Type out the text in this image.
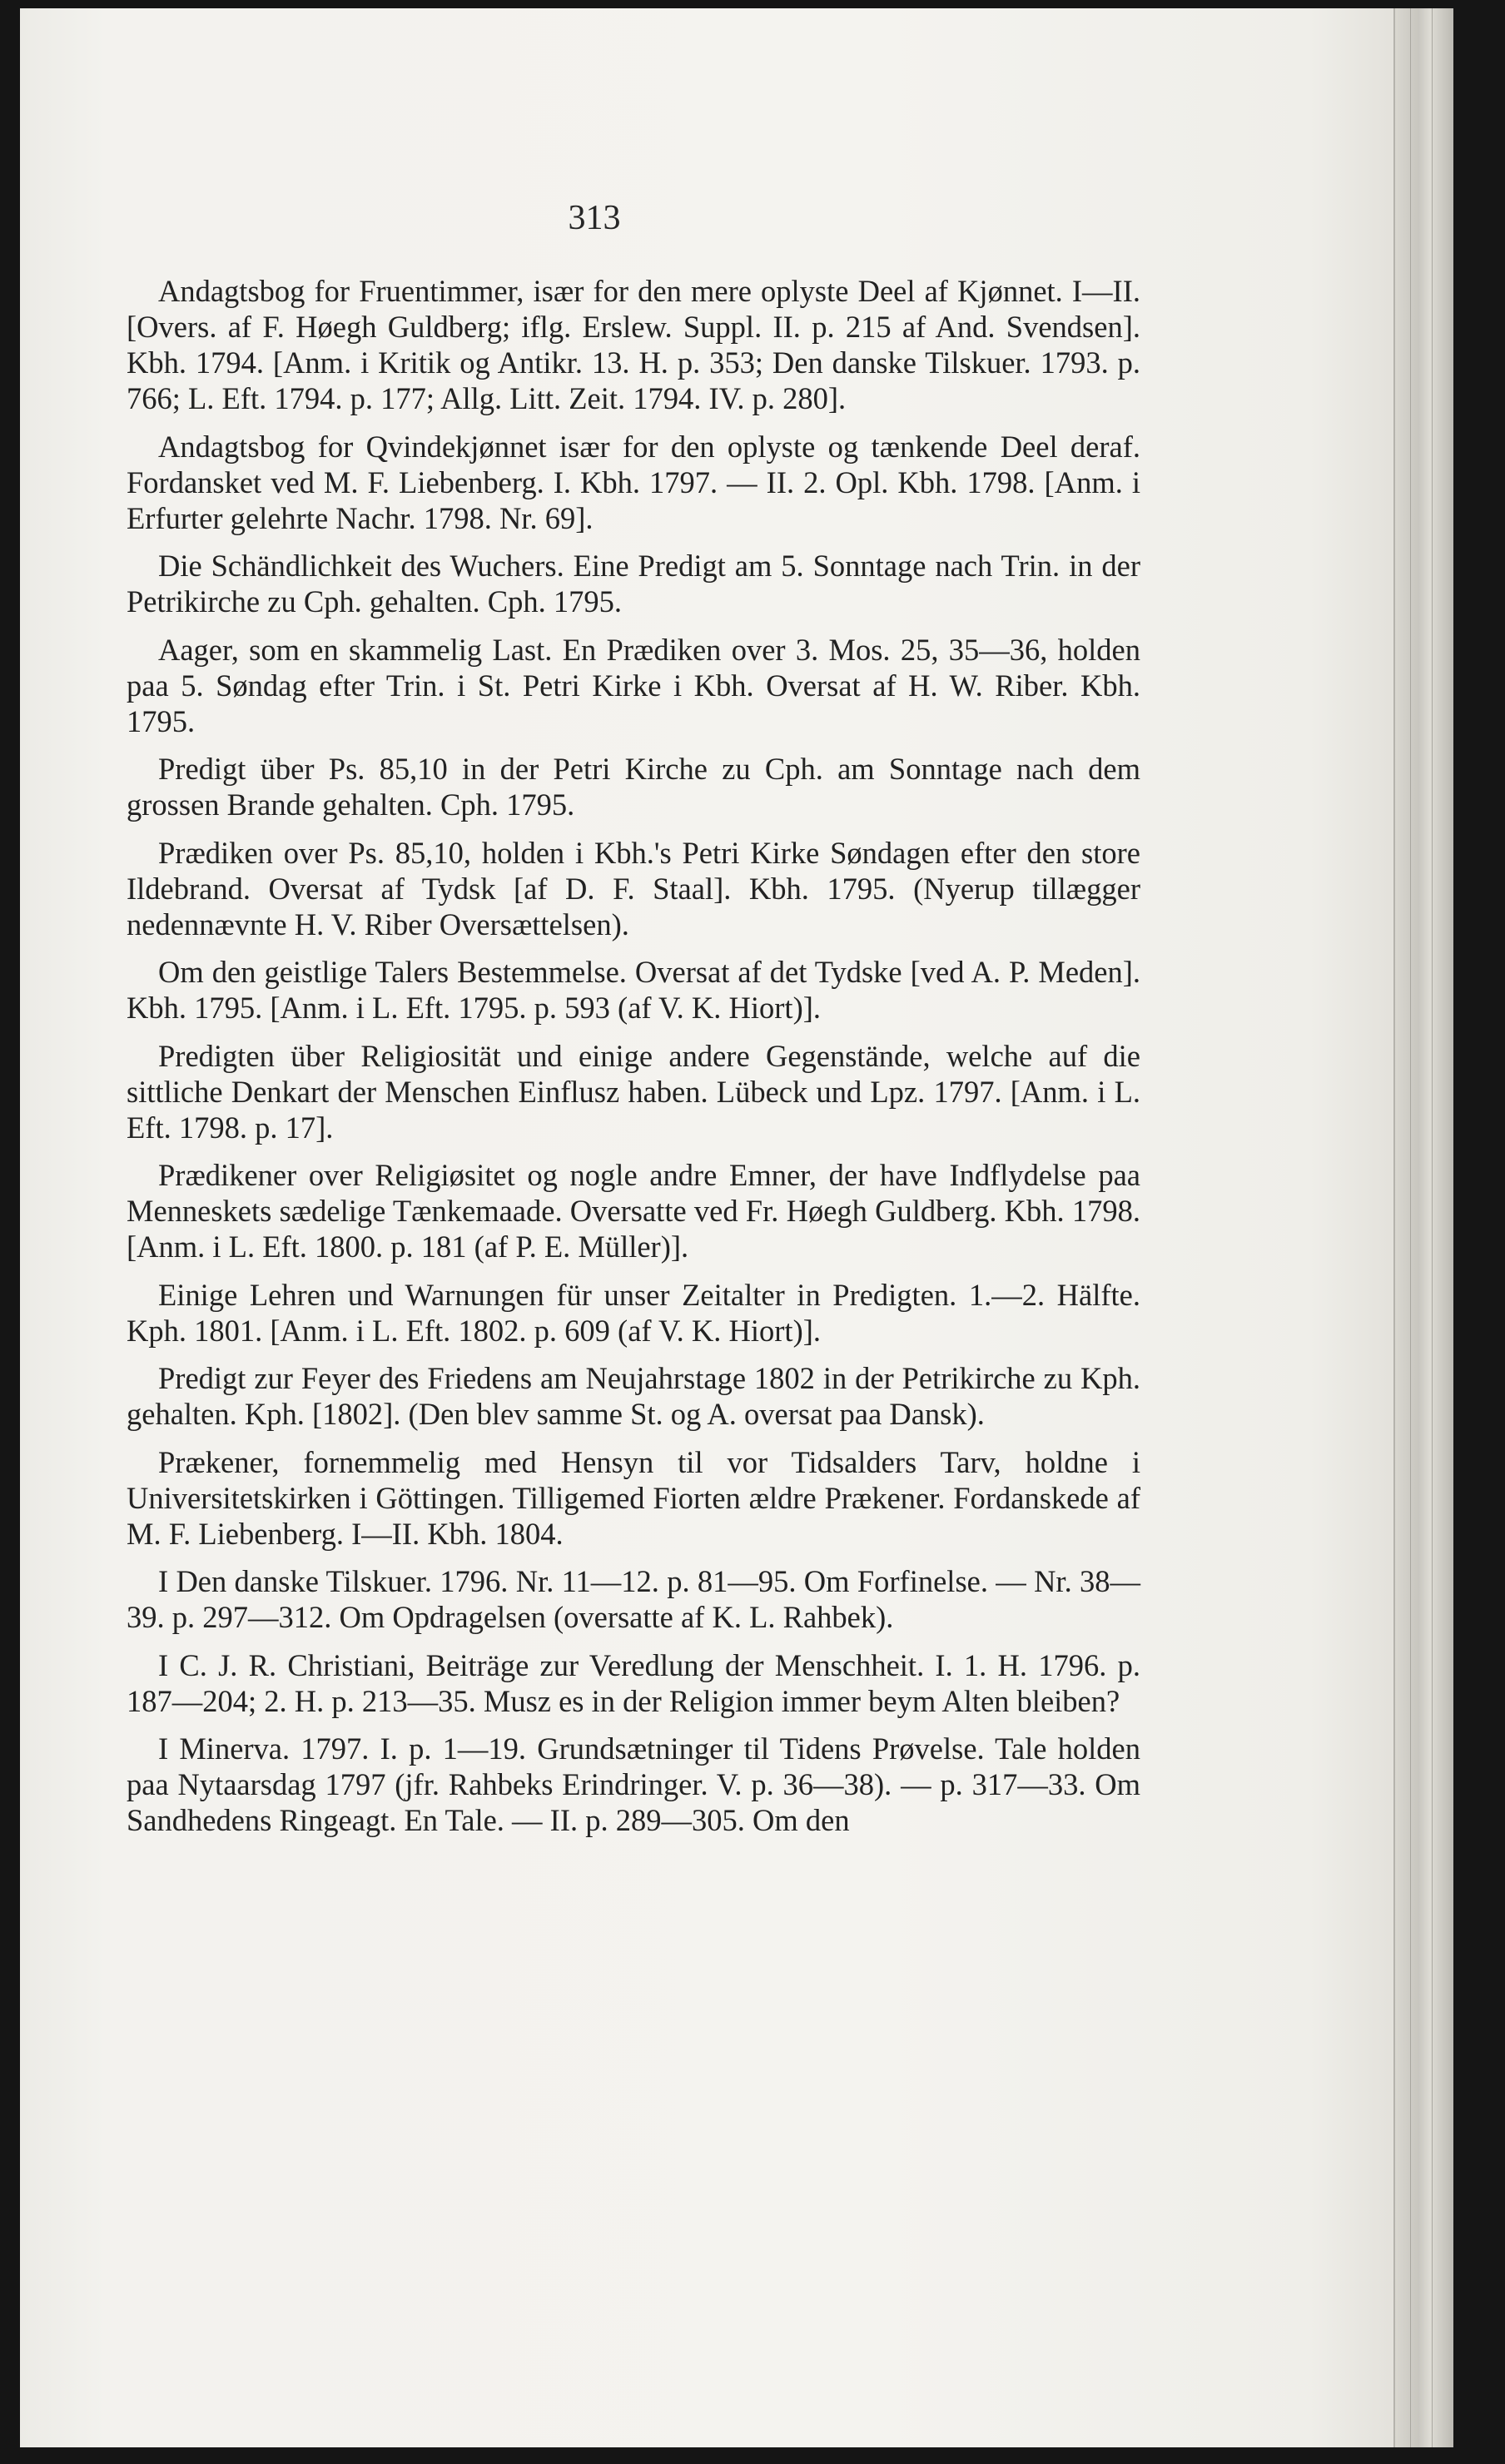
313

Andagtsbog for Fruentimmer, især for den mere oplyste Deel af Kjønnet. I—II. [Overs. af F. Høegh Guldberg; iflg. Erslew. Suppl. II. p. 215 af And. Svendsen]. Kbh. 1794. [Anm. i Kritik og Antikr. 13. H. p. 353; Den danske Tilskuer. 1793. p. 766; L. Eft. 1794. p. 177; Allg. Litt. Zeit. 1794. IV. p. 280].

Andagtsbog for Qvindekjønnet især for den oplyste og tænkende Deel deraf. Fordansket ved M. F. Liebenberg. I. Kbh. 1797. — II. 2. Opl. Kbh. 1798. [Anm. i Erfurter gelehrte Nachr. 1798. Nr. 69].

Die Schändlichkeit des Wuchers. Eine Predigt am 5. Sonntage nach Trin. in der Petrikirche zu Cph. gehalten. Cph. 1795.

Aager, som en skammelig Last. En Prædiken over 3. Mos. 25, 35—36, holden paa 5. Søndag efter Trin. i St. Petri Kirke i Kbh. Oversat af H. W. Riber. Kbh. 1795.

Predigt über Ps. 85,10 in der Petri Kirche zu Cph. am Sonntage nach dem grossen Brande gehalten. Cph. 1795.

Prædiken over Ps. 85,10, holden i Kbh.'s Petri Kirke Søndagen efter den store Ildebrand. Oversat af Tydsk [af D. F. Staal]. Kbh. 1795. (Nyerup tillægger nedennævnte H. V. Riber Oversættelsen).

Om den geistlige Talers Bestemmelse. Oversat af det Tydske [ved A. P. Meden]. Kbh. 1795. [Anm. i L. Eft. 1795. p. 593 (af V. K. Hiort)].

Predigten über Religiosität und einige andere Gegenstände, welche auf die sittliche Denkart der Menschen Einflusz haben. Lübeck und Lpz. 1797. [Anm. i L. Eft. 1798. p. 17].

Prædikener over Religiøsitet og nogle andre Emner, der have Indflydelse paa Menneskets sædelige Tænkemaade. Oversatte ved Fr. Høegh Guldberg. Kbh. 1798. [Anm. i L. Eft. 1800. p. 181 (af P. E. Müller)].

Einige Lehren und Warnungen für unser Zeitalter in Predigten. 1.—2. Hälfte. Kph. 1801. [Anm. i L. Eft. 1802. p. 609 (af V. K. Hiort)].

Predigt zur Feyer des Friedens am Neujahrstage 1802 in der Petrikirche zu Kph. gehalten. Kph. [1802]. (Den blev samme St. og A. oversat paa Dansk).

Prækener, fornemmelig med Hensyn til vor Tidsalders Tarv, holdne i Universitetskirken i Göttingen. Tilligemed Fiorten ældre Prækener. Fordanskede af M. F. Liebenberg. I—II. Kbh. 1804.

I Den danske Tilskuer. 1796. Nr. 11—12. p. 81—95. Om Forfinelse. — Nr. 38—39. p. 297—312. Om Opdragelsen (oversatte af K. L. Rahbek).

I C. J. R. Christiani, Beiträge zur Veredlung der Menschheit. I. 1. H. 1796. p. 187—204; 2. H. p. 213—35. Musz es in der Religion immer beym Alten bleiben?

I Minerva. 1797. I. p. 1—19. Grundsætninger til Tidens Prøvelse. Tale holden paa Nytaarsdag 1797 (jfr. Rahbeks Erindringer. V. p. 36—38). — p. 317—33. Om Sandhedens Ringeagt. En Tale. — II. p. 289—305. Om den
